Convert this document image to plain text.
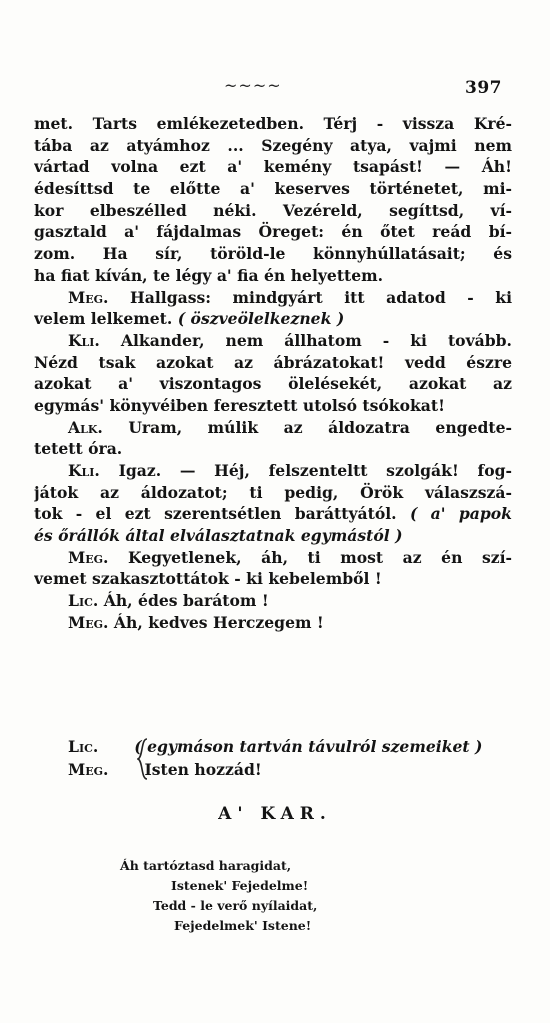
~~~~	397
met. Tarts emlékezetedben. Térj - vissza Kré-
tába az atyámhoz ... Szegény atya, vajmi nem
vártad volna ezt a' kemény tsapást! — Áh!
édesíttsd te előtte a' keserves történetet, mi-
kor elbeszélled néki. Vezéreld, segíttsd, ví-
gasztald a' fájdalmas Öreget: én őtet reád bí-
zom. Ha sír, töröld-le könnyhúllatásait; és
ha fiat kíván, te légy a' fia én helyettem.
Meg. Hallgass: mindgyárt itt adatod - ki
velem lelkemet. ( öszveölelkeznek )
Kli. Alkander, nem állhatom - ki tovább.
Nézd tsak azokat az ábrázatokat! vedd észre
azokat a' viszontagos ölelésekét, azokat az
egymás' könyvéiben feresztett utolsó tsókokat!
Alk. Uram, múlik az áldozatra engedte-
tetett óra.
Kli. Igaz. — Héj, felszenteltt szolgák! fog-
játok az áldozatot; ti pedig, Örök válaszszá-
tok - el ezt szerentsétlen baráttyától. ( a' papok
és őrállók által elválasztatnak egymástól )
Meg. Kegyetlenek, áh, ti most az én szí-
vemet szakasztottátok - ki kebelemből !
Lic. Áh, édes barátom !
Meg. Áh, kedves Herczegem !
Lic. ( egymáson tartván távulról szemeiket )
Meg. Isten hozzád!
A' KAR.
Áh tartóztasd haragidat,
Istenek' Fejedelme!
Tedd - le verő nyílaidat,
Fejedelmek' Istene!
